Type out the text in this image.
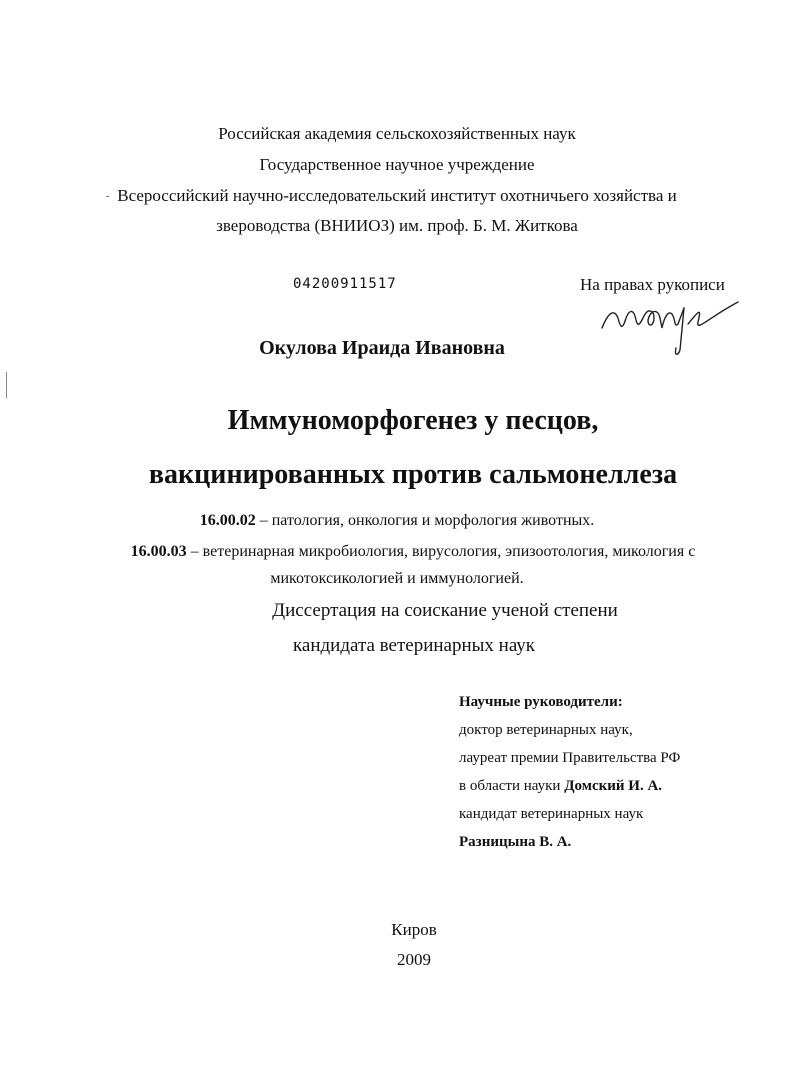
Российская академия сельскохозяйственных наук
Государственное научное учреждение
Всероссийский научно-исследовательский институт охотничьего хозяйства и
звероводства (ВНИИОЗ) им. проф. Б. М. Житкова
04200911517	На правах рукописи
Окулова Ираида Ивановна
Иммуноморфогенез у песцов,
вакцинированных против сальмонеллеза
16.00.02 – патология, онкология и морфология животных.
16.00.03 – ветеринарная микробиология, вирусология, эпизоотология, микология с
микотоксикологией и иммунологией.
Диссертация на соискание ученой степени
кандидата ветеринарных наук
Научные руководители:
доктор ветеринарных наук,
лауреат премии Правительства РФ
в области науки Домский И. А.
кандидат ветеринарных наук
Разницына В. А.
Киров
2009
